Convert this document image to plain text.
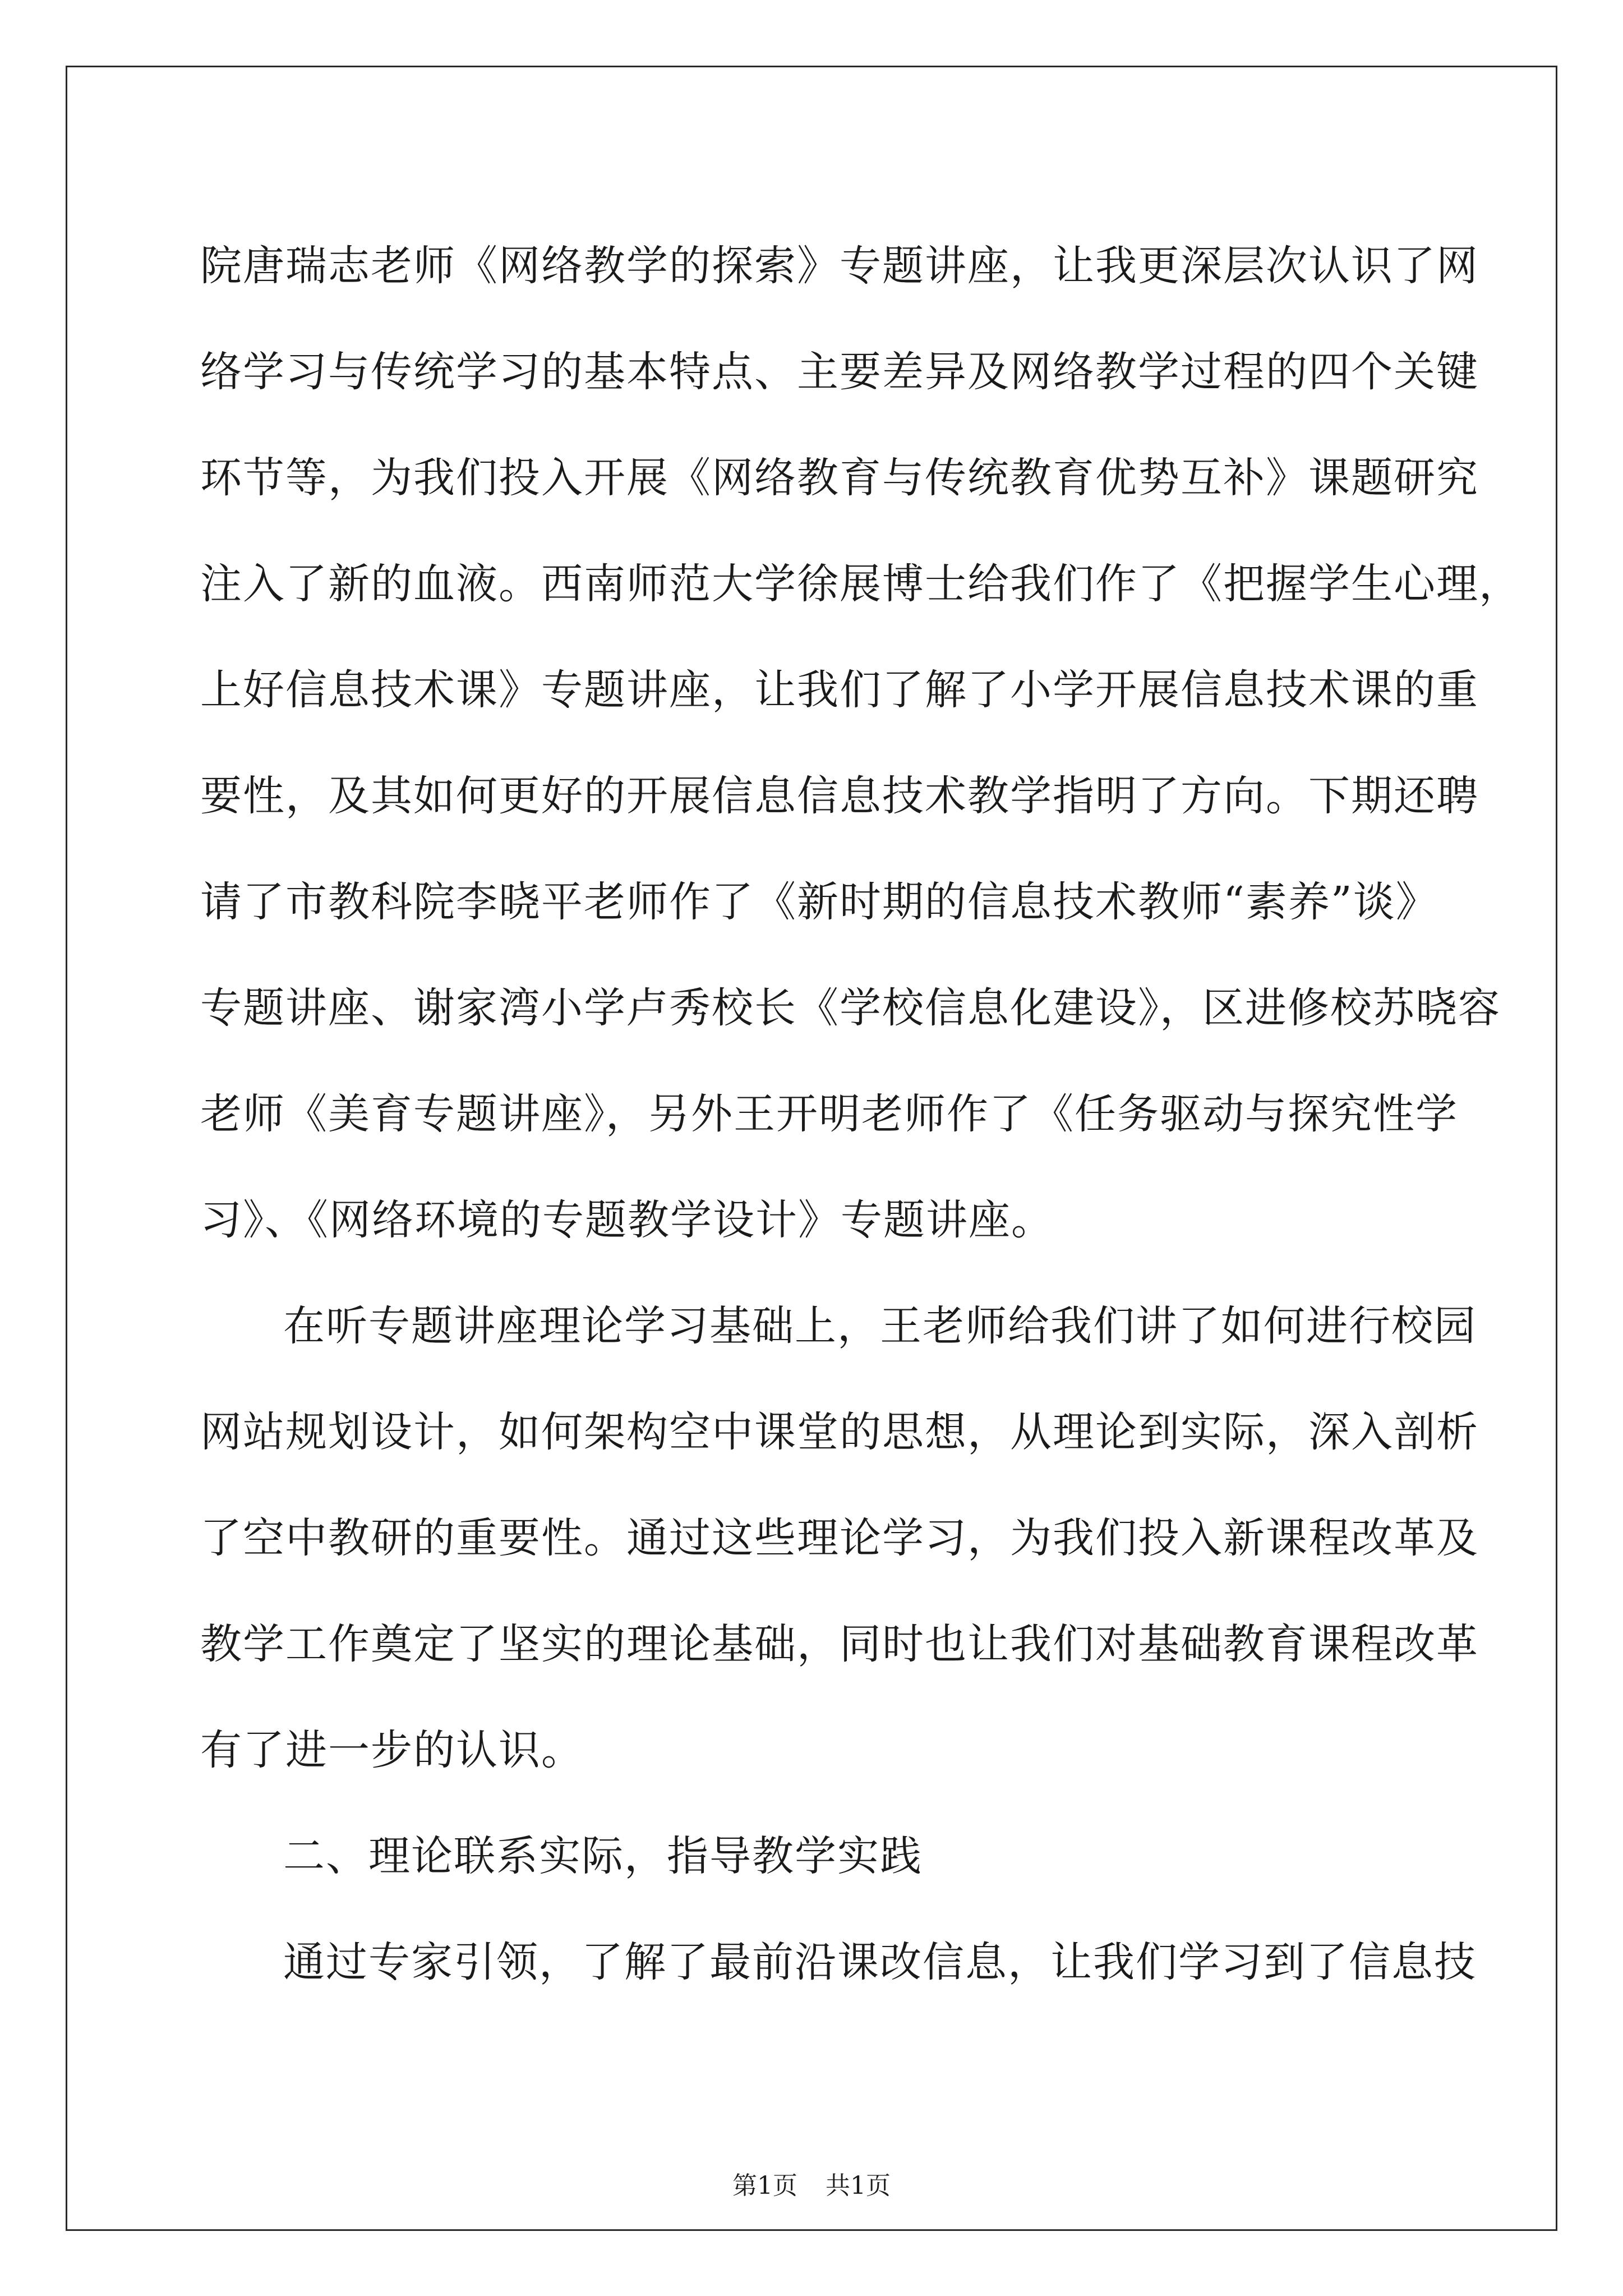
院唐瑞志老师《网络教学的探索》专题讲座，让我更深层次认识了网
络学习与传统学习的基本特点、主要差异及网络教学过程的四个关键
环节等，为我们投入开展《网络教育与传统教育优势互补》课题研究
注入了新的血液。西南师范大学徐展博士给我们作了《把握学生心理，
上好信息技术课》专题讲座，让我们了解了小学开展信息技术课的重
要性，及其如何更好的开展信息信息技术教学指明了方向。下期还聘
请了市教科院李晓平老师作了《新时期的信息技术教师“素养”谈》
专题讲座、谢家湾小学卢秀校长《学校信息化建设》，区进修校苏晓容
老师《美育专题讲座》，另外王开明老师作了《任务驱动与探究性学
习》、《网络环境的专题教学设计》专题讲座。
在听专题讲座理论学习基础上，王老师给我们讲了如何进行校园
网站规划设计，如何架构空中课堂的思想，从理论到实际，深入剖析
了空中教研的重要性。通过这些理论学习，为我们投入新课程改革及
教学工作奠定了坚实的理论基础，同时也让我们对基础教育课程改革
有了进一步的认识。
二、理论联系实际，指导教学实践
通过专家引领，了解了最前沿课改信息，让我们学习到了信息技
第1页 共1页
